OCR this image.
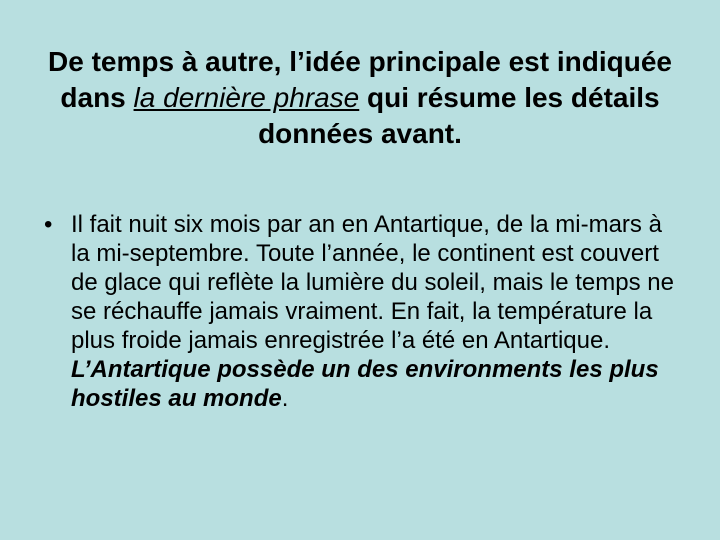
De temps à autre, l’idée principale est indiquée dans la dernière phrase qui résume les détails données avant.
• Il fait nuit six mois par an en Antartique, de la mi-mars à la mi-septembre. Toute l’année, le continent est couvert de glace qui reflète la lumière du soleil, mais le temps ne se réchauffe jamais vraiment. En fait, la température la plus froide jamais enregistrée l’a été en Antartique. L’Antartique possède un des environments les plus hostiles au monde.
